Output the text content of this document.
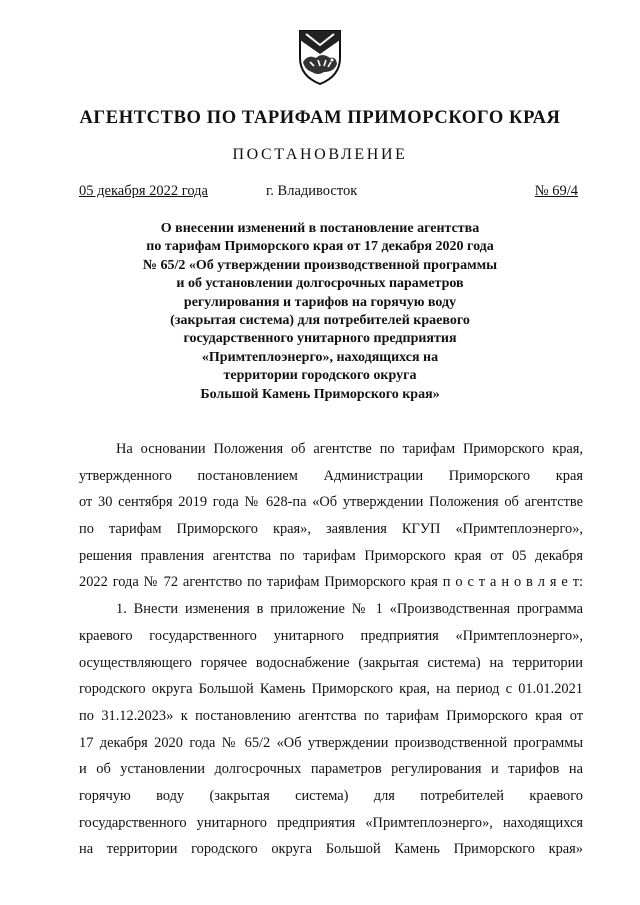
АГЕНТСТВО ПО ТАРИФАМ ПРИМОРСКОГО КРАЯ
ПОСТАНОВЛЕНИЕ
05 декабря 2022 года	г. Владивосток	№ 69/4
О внесении изменений в постановление агентства
по тарифам Приморского края от 17 декабря 2020 года
№ 65/2 «Об утверждении производственной программы
и об установлении долгосрочных параметров
регулирования и тарифов на горячую воду
(закрытая система) для потребителей краевого
государственного унитарного предприятия
«Примтеплоэнерго», находящихся на
территории городского округа
Большой Камень Приморского края»
На основании Положения об агентстве по тарифам Приморского края,
утвержденного постановлением Администрации Приморского края
от 30 сентября 2019 года № 628-па «Об утверждении Положения об агентстве
по тарифам Приморского края», заявления КГУП «Примтеплоэнерго»,
решения правления агентства по тарифам Приморского края от 05 декабря
2022 года № 72 агентство по тарифам Приморского края п о с т а н о в л я е т:
1. Внести изменения в приложение № 1 «Производственная программа
краевого государственного унитарного предприятия «Примтеплоэнерго»,
осуществляющего горячее водоснабжение (закрытая система) на территории
городского округа Большой Камень Приморского края, на период с 01.01.2021
по 31.12.2023» к постановлению агентства по тарифам Приморского края от
17 декабря 2020 года № 65/2 «Об утверждении производственной программы
и об установлении долгосрочных параметров регулирования и тарифов на
горячую воду (закрытая система) для потребителей краевого
государственного унитарного предприятия «Примтеплоэнерго», находящихся
на территории городского округа Большой Камень Приморского края»
